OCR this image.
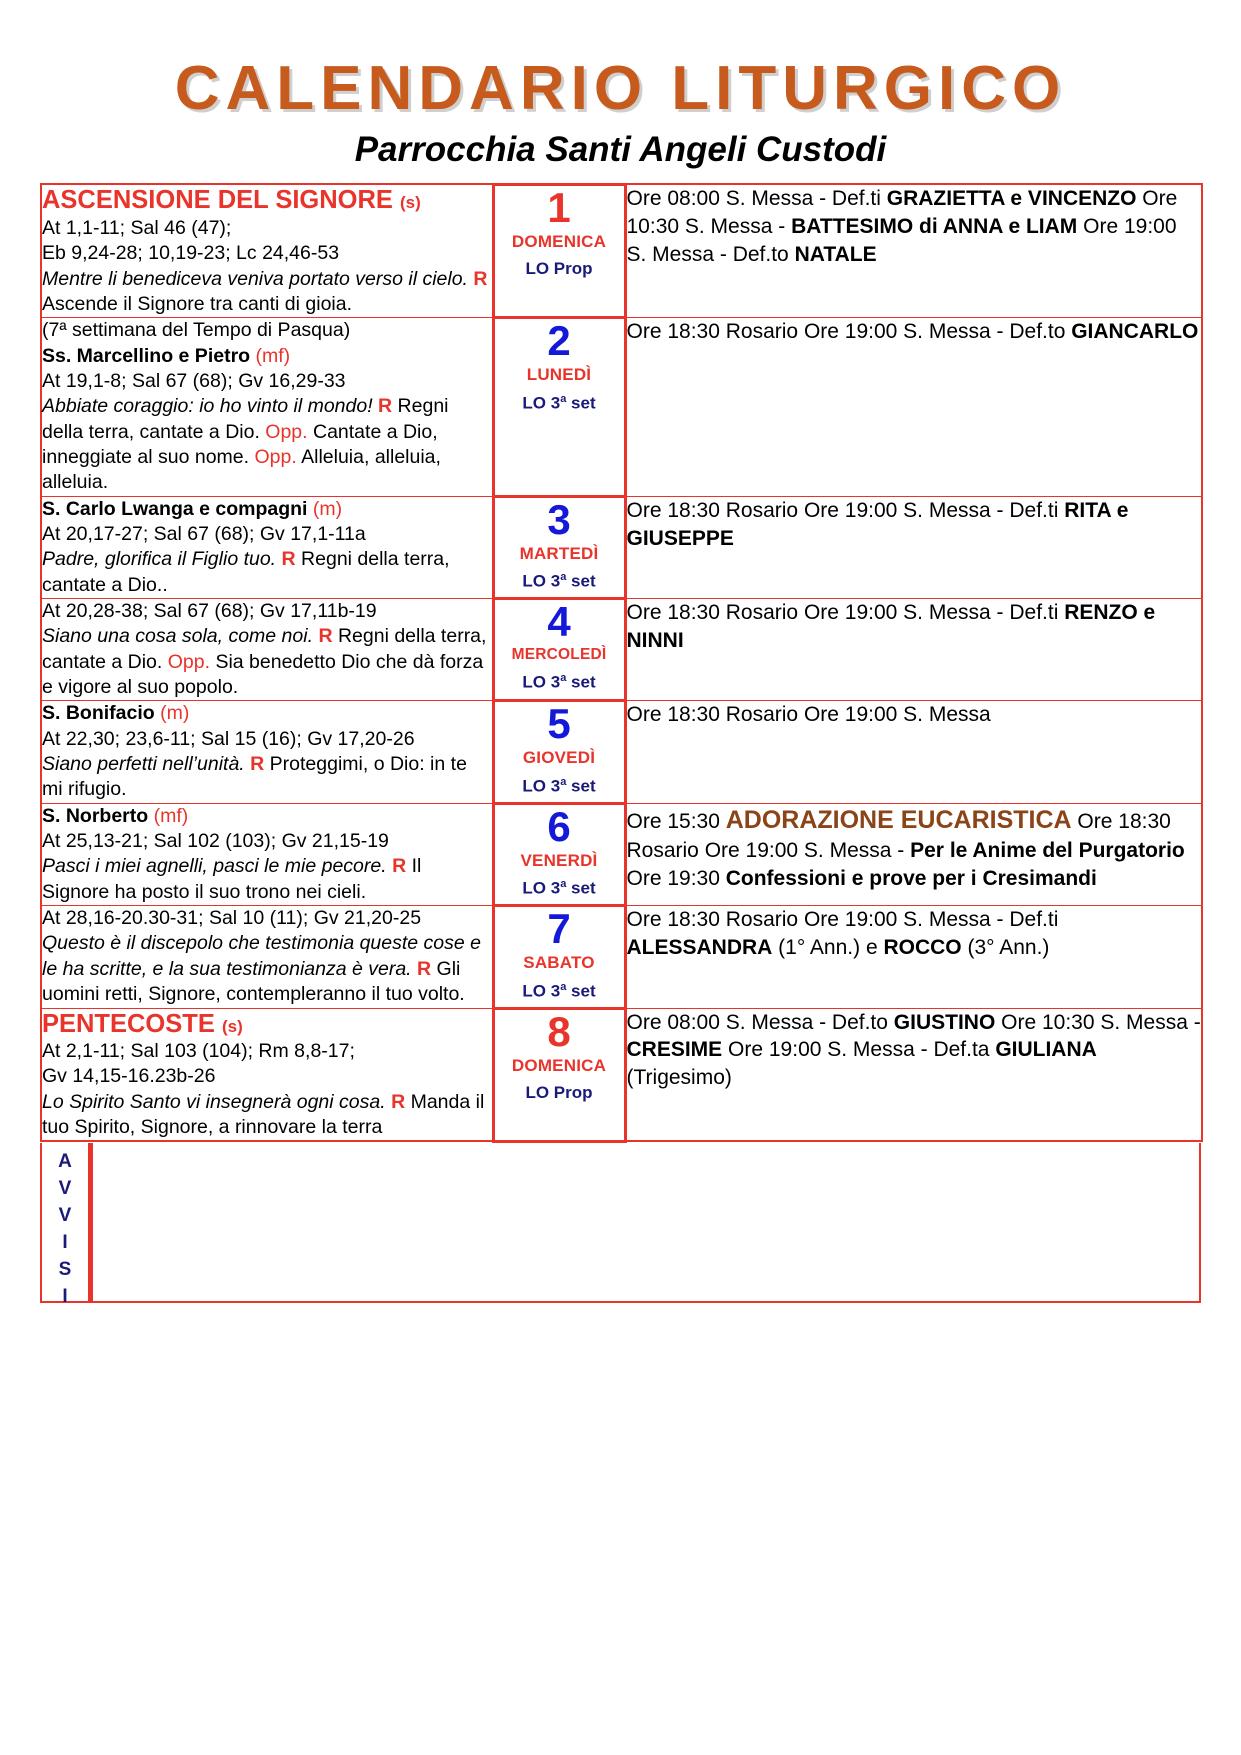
CALENDARIO LITURGICO
Parrocchia Santi Angeli Custodi
ASCENSIONE DEL SIGNORE (s)
At 1,1-11; Sal 46 (47);
Eb 9,24-28; 10,19-23; Lc 24,46-53
Mentre li benediceva veniva portato verso il cielo. R Ascende il Signore tra canti di gioia.	
1
DOMENICA
LO Prop
	Ore 08:00 S. Messa - Def.ti GRAZIETTA e VINCENZO Ore 10:30 S. Messa - BATTESIMO di ANNA e LIAM Ore 19:00 S. Messa - Def.to NATALE

(7ª settimana del Tempo di Pasqua)
Ss. Marcellino e Pietro (mf)
At 19,1-8; Sal 67 (68); Gv 16,29-33
Abbiate coraggio: io ho vinto il mondo! R Regni della terra, cantate a Dio. Opp. Cantate a Dio, inneggiate al suo nome. Opp. Alleluia, alleluia, alleluia.	
2
LUNEDÌ
LO 3$^a$ set
	Ore 18:30 Rosario Ore 19:00 S. Messa - Def.to GIANCARLO

S. Carlo Lwanga e compagni (m)
At 20,17-27; Sal 67 (68); Gv 17,1-11a
Padre, glorifica il Figlio tuo. R Regni della terra, cantate a Dio..	
3
MARTEDÌ
LO 3$^a$ set
	Ore 18:30 Rosario Ore 19:00 S. Messa - Def.ti RITA e GIUSEPPE

At 20,28-38; Sal 67 (68); Gv 17,11b-19
Siano una cosa sola, come noi. R Regni della terra, cantate a Dio. Opp. Sia benedetto Dio che dà forza e vigore al suo popolo.	
4
MERCOLEDÌ
LO 3$^a$ set
	Ore 18:30 Rosario Ore 19:00 S. Messa - Def.ti RENZO e NINNI

S. Bonifacio (m)
At 22,30; 23,6-11; Sal 15 (16); Gv 17,20-26
Siano perfetti nell’unità. R Proteggimi, o Dio: in te mi rifugio.	
5
GIOVEDÌ
LO 3$^a$ set
	Ore 18:30 Rosario Ore 19:00 S. Messa

S. Norberto (mf)
At 25,13-21; Sal 102 (103); Gv 21,15-19
Pasci i miei agnelli, pasci le mie pecore. R Il Signore ha posto il suo trono nei cieli.	
6
VENERDÌ
LO 3$^a$ set
	Ore 15:30 ADORAZIONE EUCARISTICA Ore 18:30 Rosario Ore 19:00 S. Messa - Per le Anime del Purgatorio Ore 19:30 Confessioni e prove per i Cresimandi

At 28,16-20.30-31; Sal 10 (11); Gv 21,20-25
Questo è il discepolo che testimonia queste cose e le ha scritte, e la sua testimonianza è vera. R Gli uomini retti, Signore, contempleranno il tuo volto.	
7
SABATO
LO 3$^a$ set
	Ore 18:30 Rosario Ore 19:00 S. Messa - Def.ti ALESSANDRA (1° Ann.) e ROCCO (3° Ann.)

PENTECOSTE (s)
At 2,1-11; Sal 103 (104); Rm 8,8-17;
Gv 14,15-16.23b-26
Lo Spirito Santo vi insegnerà ogni cosa. R Manda il tuo Spirito, Signore, a rinnovare la terra	
8
DOMENICA
LO Prop
	Ore 08:00 S. Messa - Def.to GIUSTINO Ore 10:30 S. Messa - CRESIME Ore 19:00 S. Messa - Def.ta GIULIANA (Trigesimo)
A
V
V
I
S
I
